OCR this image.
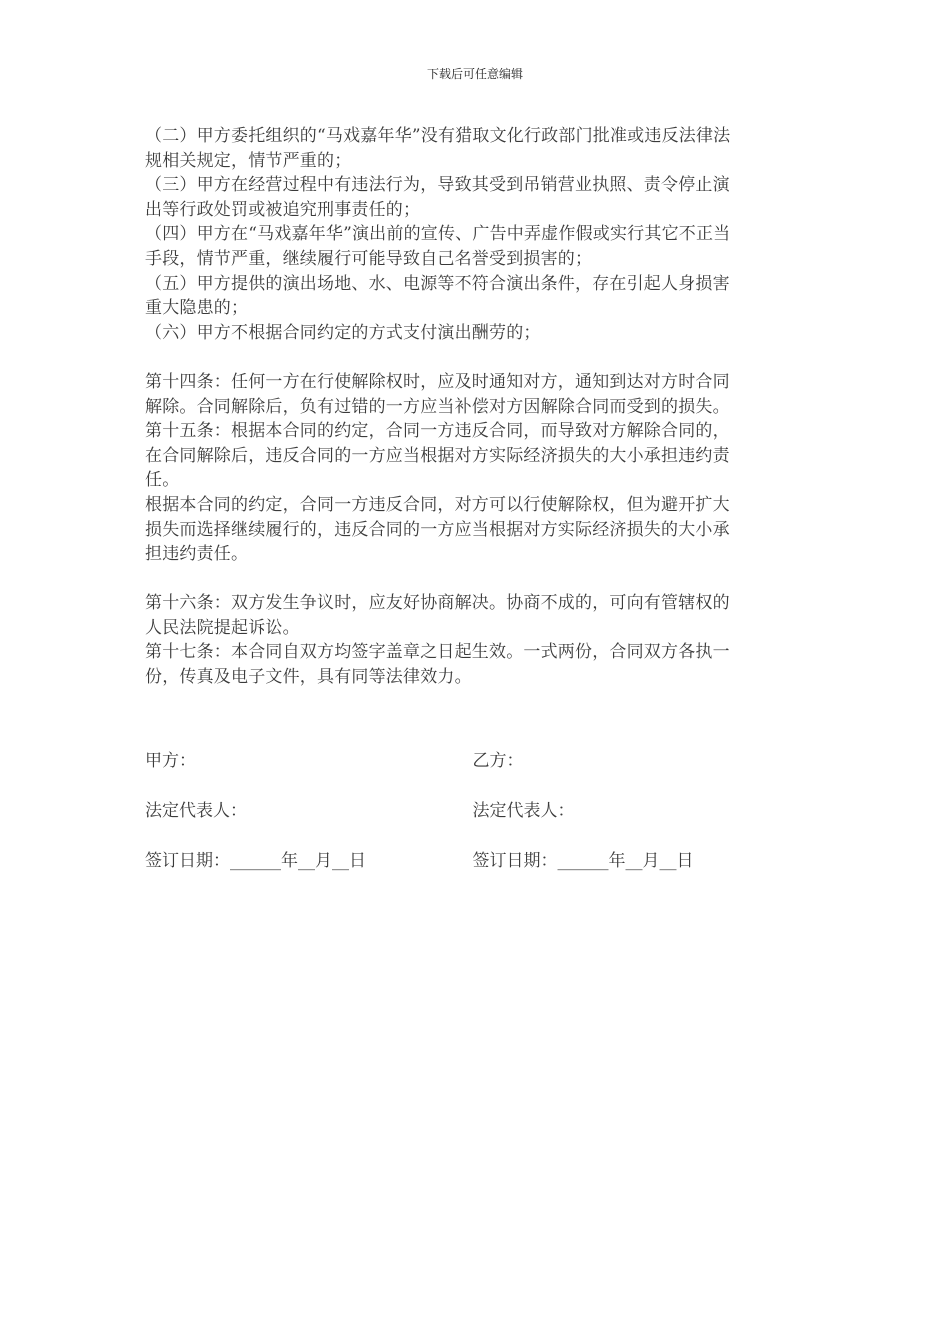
下载后可任意编辑
（二）甲方委托组织的“马戏嘉年华”没有猎取文化行政部门批准或违反法律法
规相关规定，情节严重的；
（三）甲方在经营过程中有违法行为，导致其受到吊销营业执照、责令停止演
出等行政处罚或被追究刑事责任的；
（四）甲方在“马戏嘉年华”演出前的宣传、广告中弄虚作假或实行其它不正当
手段，情节严重，继续履行可能导致自己名誉受到损害的；
（五）甲方提供的演出场地、水、电源等不符合演出条件，存在引起人身损害
重大隐患的；
（六）甲方不根据合同约定的方式支付演出酬劳的；
第十四条：任何一方在行使解除权时，应及时通知对方，通知到达对方时合同
解除。合同解除后，负有过错的一方应当补偿对方因解除合同而受到的损失。
第十五条：根据本合同的约定，合同一方违反合同，而导致对方解除合同的，
在合同解除后，违反合同的一方应当根据对方实际经济损失的大小承担违约责
任。
根据本合同的约定，合同一方违反合同，对方可以行使解除权，但为避开扩大
损失而选择继续履行的，违反合同的一方应当根据对方实际经济损失的大小承
担违约责任。
第十六条：双方发生争议时，应友好协商解决。协商不成的，可向有管辖权的
人民法院提起诉讼。
第十七条：本合同自双方均签字盖章之日起生效。一式两份，合同双方各执一
份，传真及电子文件，具有同等法律效力。
甲方：	乙方：
法定代表人：	法定代表人：
签订日期：______年__月__日	签订日期：______年__月__日
